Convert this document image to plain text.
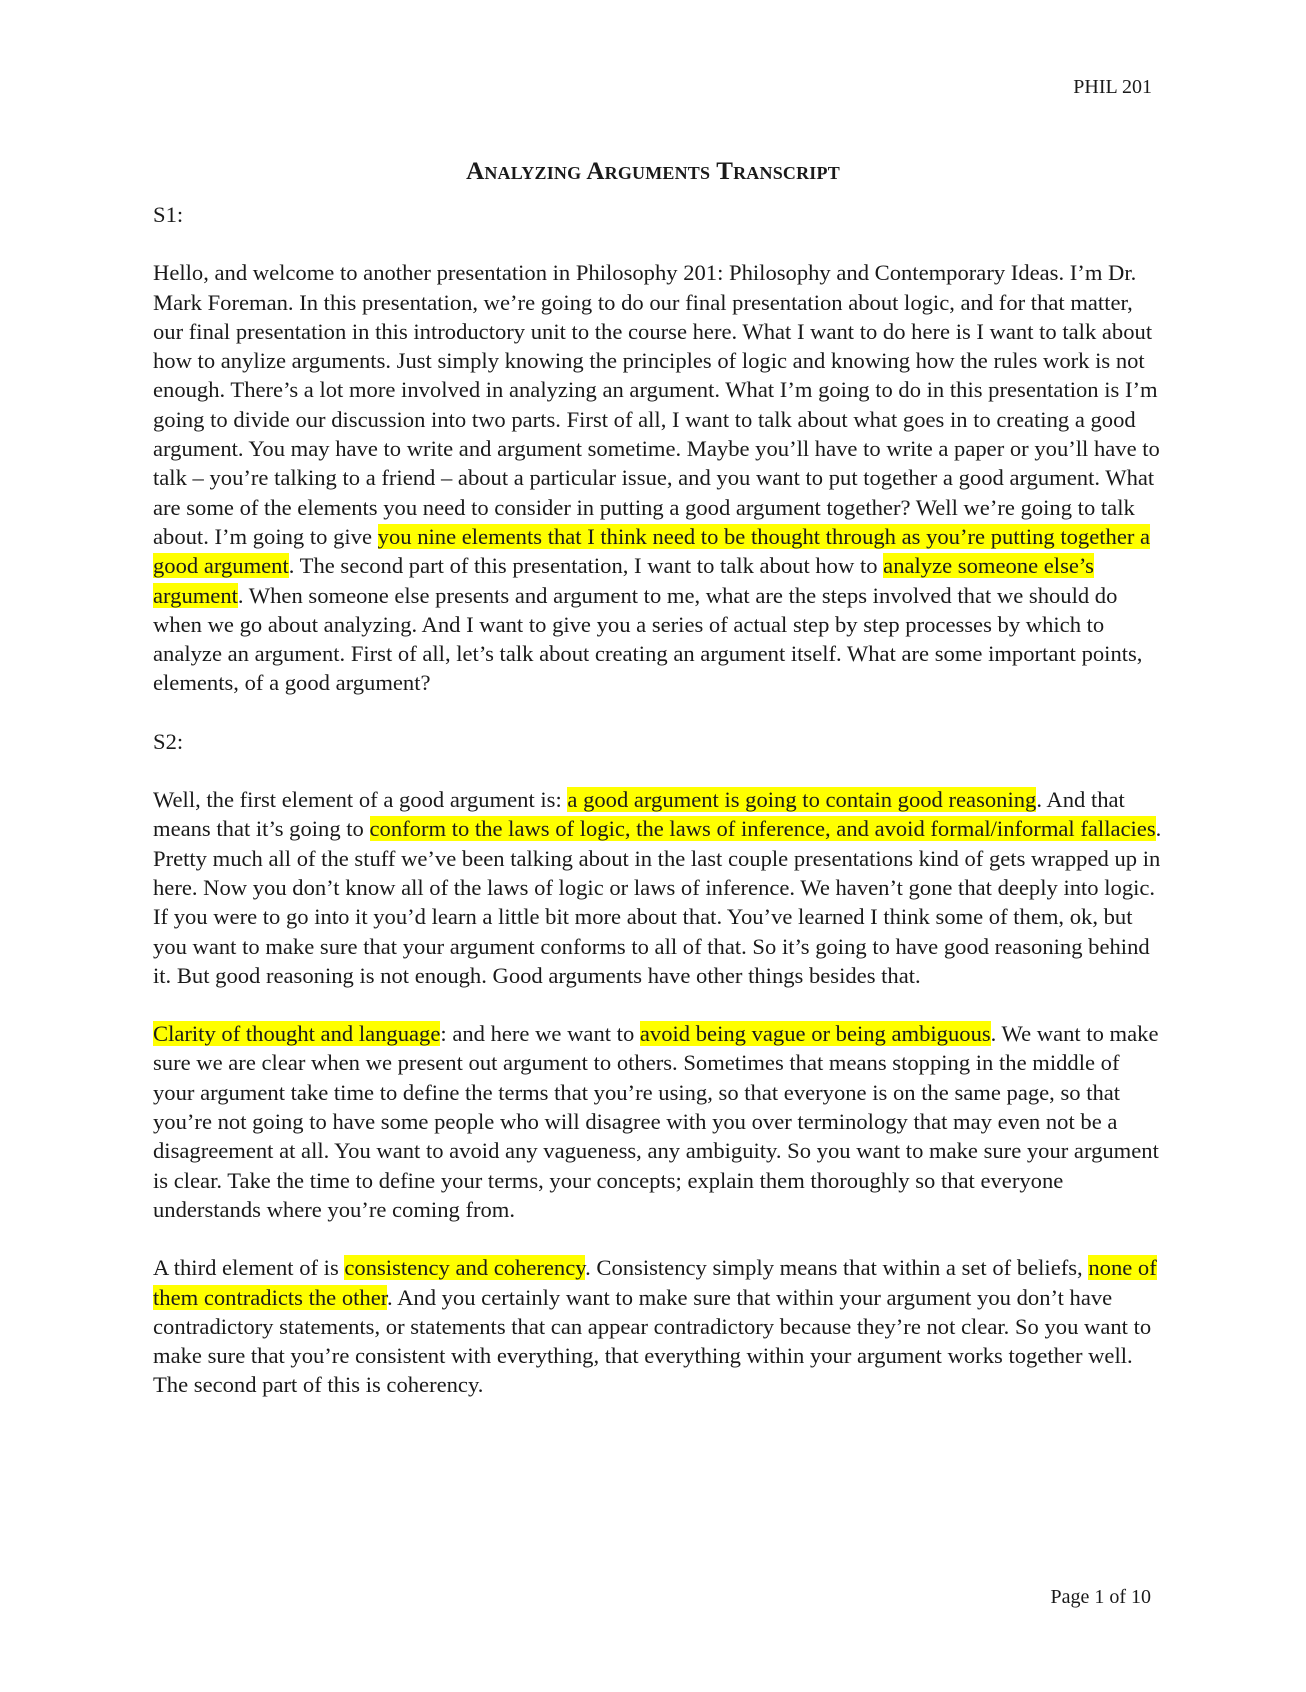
PHIL 201
Analyzing Arguments Transcript

S1:

Hello, and welcome to another presentation in Philosophy 201: Philosophy and Contemporary Ideas. I’m Dr. Mark Foreman. In this presentation, we’re going to do our final presentation about logic, and for that matter, our final presentation in this introductory unit to the course here. What I want to do here is I want to talk about how to anylize arguments. Just simply knowing the principles of logic and knowing how the rules work is not enough. There’s a lot more involved in analyzing an argument. What I’m going to do in this presentation is I’m going to divide our discussion into two parts. First of all, I want to talk about what goes in to creating a good argument. You may have to write and argument sometime. Maybe you’ll have to write a paper or you’ll have to talk – you’re talking to a friend – about a particular issue, and you want to put together a good argument. What are some of the elements you need to consider in putting a good argument together? Well we’re going to talk about. I’m going to give you nine elements that I think need to be thought through as you’re putting together a good argument. The second part of this presentation, I want to talk about how to analyze someone else’s argument. When someone else presents and argument to me, what are the steps involved that we should do when we go about analyzing. And I want to give you a series of actual step by step processes by which to analyze an argument. First of all, let’s talk about creating an argument itself. What are some important points, elements, of a good argument?

S2:

Well, the first element of a good argument is: a good argument is going to contain good reasoning. And that means that it’s going to conform to the laws of logic, the laws of inference, and avoid formal/informal fallacies. Pretty much all of the stuff we’ve been talking about in the last couple presentations kind of gets wrapped up in here. Now you don’t know all of the laws of logic or laws of inference. We haven’t gone that deeply into logic. If you were to go into it you’d learn a little bit more about that. You’ve learned I think some of them, ok, but you want to make sure that your argument conforms to all of that. So it’s going to have good reasoning behind it. But good reasoning is not enough. Good arguments have other things besides that.

Clarity of thought and language: and here we want to avoid being vague or being ambiguous. We want to make sure we are clear when we present out argument to others. Sometimes that means stopping in the middle of your argument take time to define the terms that you’re using, so that everyone is on the same page, so that you’re not going to have some people who will disagree with you over terminology that may even not be a disagreement at all. You want to avoid any vagueness, any ambiguity. So you want to make sure your argument is clear. Take the time to define your terms, your concepts; explain them thoroughly so that everyone understands where you’re coming from.

A third element of is consistency and coherency. Consistency simply means that within a set of beliefs, none of them contradicts the other. And you certainly want to make sure that within your argument you don’t have contradictory statements, or statements that can appear contradictory because they’re not clear. So you want to make sure that you’re consistent with everything, that everything within your argument works together well. The second part of this is coherency.

Page 1 of 10
